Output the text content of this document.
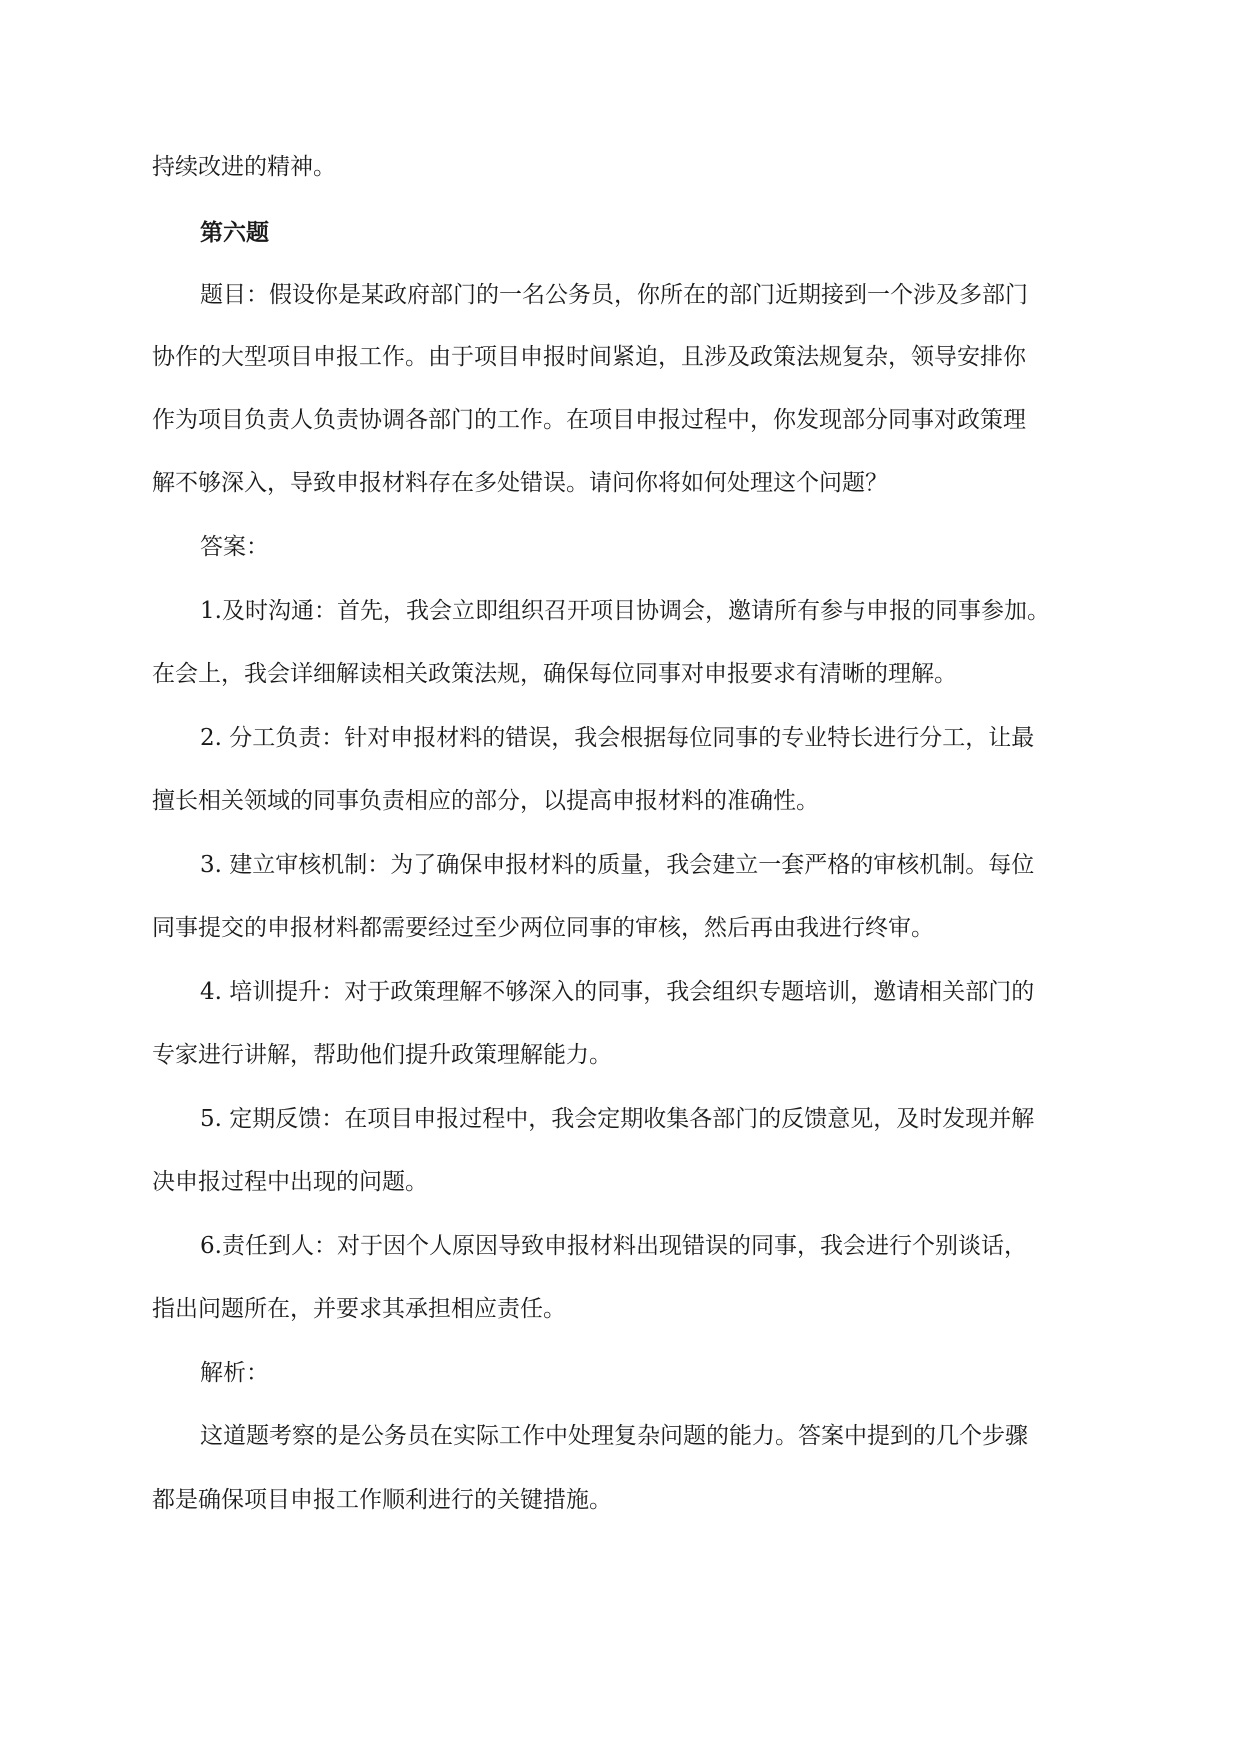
持续改进的精神。
第六题
题目：假设你是某政府部门的一名公务员，你所在的部门近期接到一个涉及多部门
协作的大型项目申报工作。由于项目申报时间紧迫，且涉及政策法规复杂，领导安排你
作为项目负责人负责协调各部门的工作。在项目申报过程中，你发现部分同事对政策理
解不够深入，导致申报材料存在多处错误。请问你将如何处理这个问题？
答案：
1.及时沟通：首先，我会立即组织召开项目协调会，邀请所有参与申报的同事参加。
在会上，我会详细解读相关政策法规，确保每位同事对申报要求有清晰的理解。
2. 分工负责：针对申报材料的错误，我会根据每位同事的专业特长进行分工，让最
擅长相关领域的同事负责相应的部分，以提高申报材料的准确性。
3. 建立审核机制：为了确保申报材料的质量，我会建立一套严格的审核机制。每位
同事提交的申报材料都需要经过至少两位同事的审核，然后再由我进行终审。
4. 培训提升：对于政策理解不够深入的同事，我会组织专题培训，邀请相关部门的
专家进行讲解，帮助他们提升政策理解能力。
5. 定期反馈：在项目申报过程中，我会定期收集各部门的反馈意见，及时发现并解
决申报过程中出现的问题。
6.责任到人：对于因个人原因导致申报材料出现错误的同事，我会进行个别谈话，
指出问题所在，并要求其承担相应责任。
解析：
这道题考察的是公务员在实际工作中处理复杂问题的能力。答案中提到的几个步骤
都是确保项目申报工作顺利进行的关键措施。
